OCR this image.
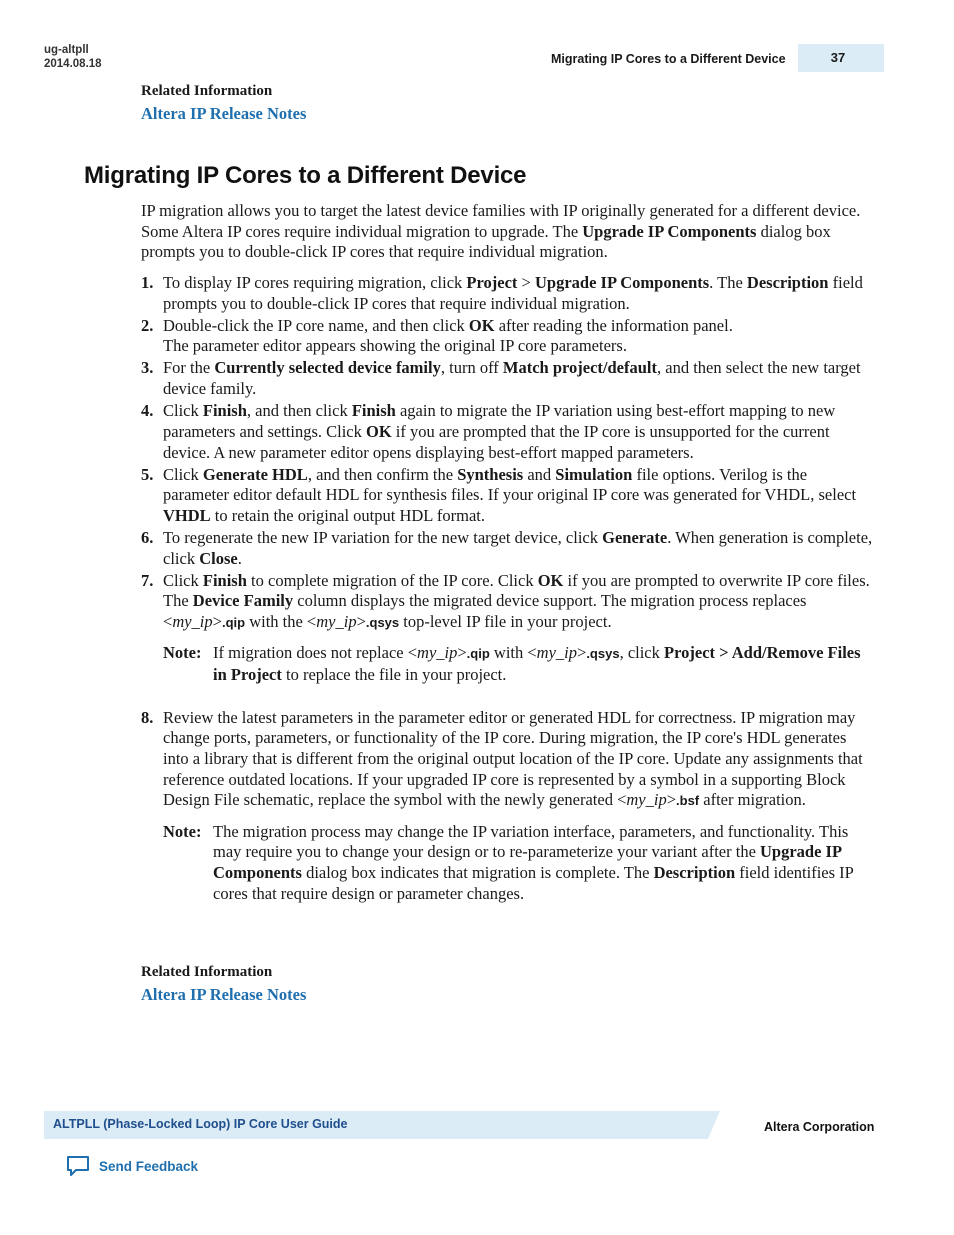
ug-altpll
2014.08.18	Migrating IP Cores to a Different Device	37
Related Information
Altera IP Release Notes
Migrating IP Cores to a Different Device
IP migration allows you to target the latest device families with IP originally generated for a different device. Some Altera IP cores require individual migration to upgrade. The Upgrade IP Components dialog box prompts you to double-click IP cores that require individual migration.
1. To display IP cores requiring migration, click Project > Upgrade IP Components. The Description field prompts you to double-click IP cores that require individual migration.
2. Double-click the IP core name, and then click OK after reading the information panel.
The parameter editor appears showing the original IP core parameters.
3. For the Currently selected device family, turn off Match project/default, and then select the new target device family.
4. Click Finish, and then click Finish again to migrate the IP variation using best-effort mapping to new parameters and settings. Click OK if you are prompted that the IP core is unsupported for the current device. A new parameter editor opens displaying best-effort mapped parameters.
5. Click Generate HDL, and then confirm the Synthesis and Simulation file options. Verilog is the parameter editor default HDL for synthesis files. If your original IP core was generated for VHDL, select VHDL to retain the original output HDL format.
6. To regenerate the new IP variation for the new target device, click Generate. When generation is complete, click Close.
7. Click Finish to complete migration of the IP core. Click OK if you are prompted to overwrite IP core files. The Device Family column displays the migrated device support. The migration process replaces <my_ip>.qip with the <my_ip>.qsys top-level IP file in your project.
Note: If migration does not replace <my_ip>.qip with <my_ip>.qsys, click Project > Add/Remove Files in Project to replace the file in your project.
8. Review the latest parameters in the parameter editor or generated HDL for correctness. IP migration may change ports, parameters, or functionality of the IP core. During migration, the IP core's HDL generates into a library that is different from the original output location of the IP core. Update any assignments that reference outdated locations. If your upgraded IP core is represented by a symbol in a supporting Block Design File schematic, replace the symbol with the newly generated <my_ip>.bsf after migration.
Note: The migration process may change the IP variation interface, parameters, and functionality. This may require you to change your design or to re-parameterize your variant after the Upgrade IP Components dialog box indicates that migration is complete. The Description field identifies IP cores that require design or parameter changes.
Related Information
Altera IP Release Notes
ALTPLL (Phase-Locked Loop) IP Core User Guide	Altera Corporation
Send Feedback
